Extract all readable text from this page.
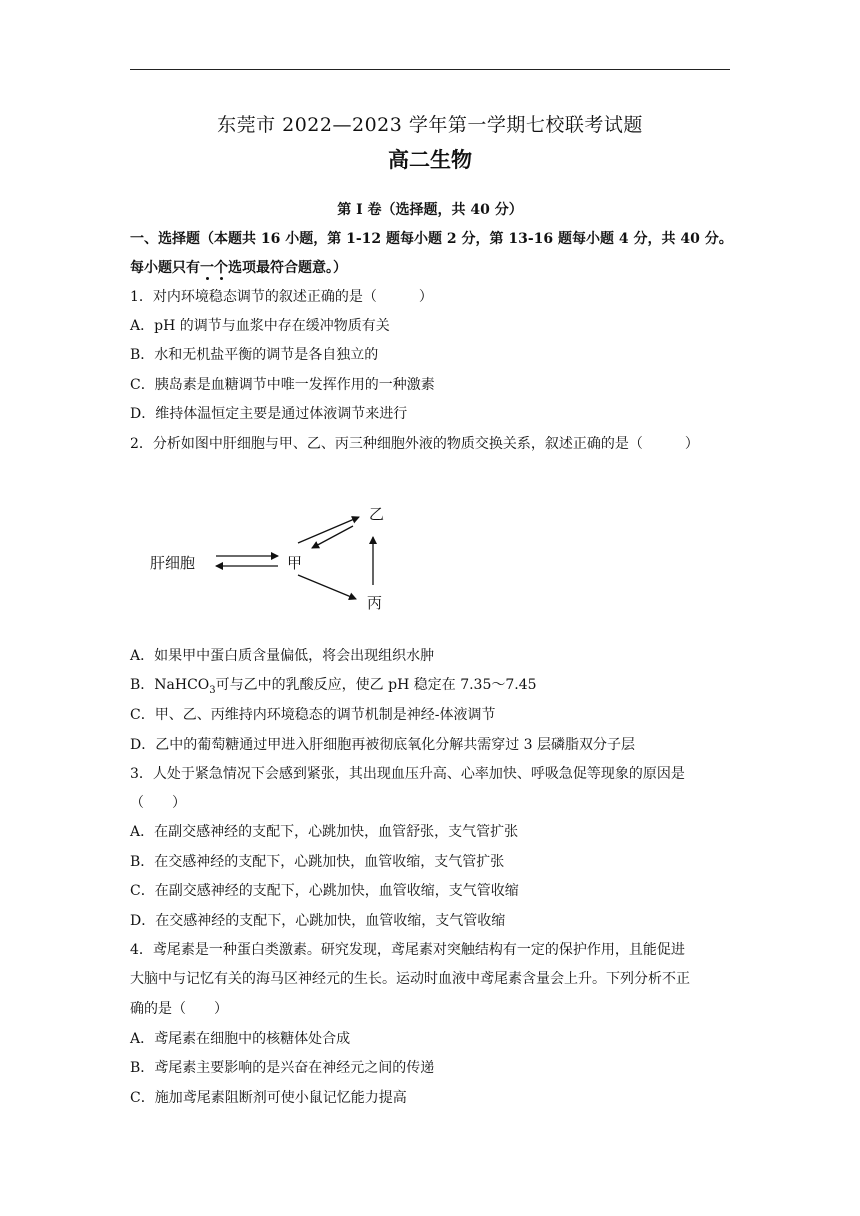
东莞市 2022—2023 学年第一学期七校联考试题
高二生物
第 I 卷（选择题，共 40 分）
一、选择题（本题共 16 小题，第 1-12 题每小题 2 分，第 13-16 题每小题 4 分，共 40 分。
每小题只有一个选项最符合题意。）
1．对内环境稳态调节的叙述正确的是（　　　）
A．pH 的调节与血浆中存在缓冲物质有关
B．水和无机盐平衡的调节是各自独立的
C．胰岛素是血糖调节中唯一发挥作用的一种激素
D．维持体温恒定主要是通过体液调节来进行
2．分析如图中肝细胞与甲、乙、丙三种细胞外液的物质交换关系，叙述正确的是（　　　）
肝细胞	甲
乙
丙
A．如果甲中蛋白质含量偏低，将会出现组织水肿
B．NaHCO$_3$可与乙中的乳酸反应，使乙 pH 稳定在 7.35～7.45
C．甲、乙、丙维持内环境稳态的调节机制是神经-体液调节
D．乙中的葡萄糖通过甲进入肝细胞再被彻底氧化分解共需穿过 3 层磷脂双分子层
3．人处于紧急情况下会感到紧张，其出现血压升高、心率加快、呼吸急促等现象的原因是
（　　）
A．在副交感神经的支配下，心跳加快，血管舒张，支气管扩张
B．在交感神经的支配下，心跳加快，血管收缩，支气管扩张
C．在副交感神经的支配下，心跳加快，血管收缩，支气管收缩
D．在交感神经的支配下，心跳加快，血管收缩，支气管收缩
4．鸢尾素是一种蛋白类激素。研究发现，鸢尾素对突触结构有一定的保护作用，且能促进
大脑中与记忆有关的海马区神经元的生长。运动时血液中鸢尾素含量会上升。下列分析不正
确的是（　　）
A．鸢尾素在细胞中的核糖体处合成
B．鸢尾素主要影响的是兴奋在神经元之间的传递
C．施加鸢尾素阻断剂可使小鼠记忆能力提高
